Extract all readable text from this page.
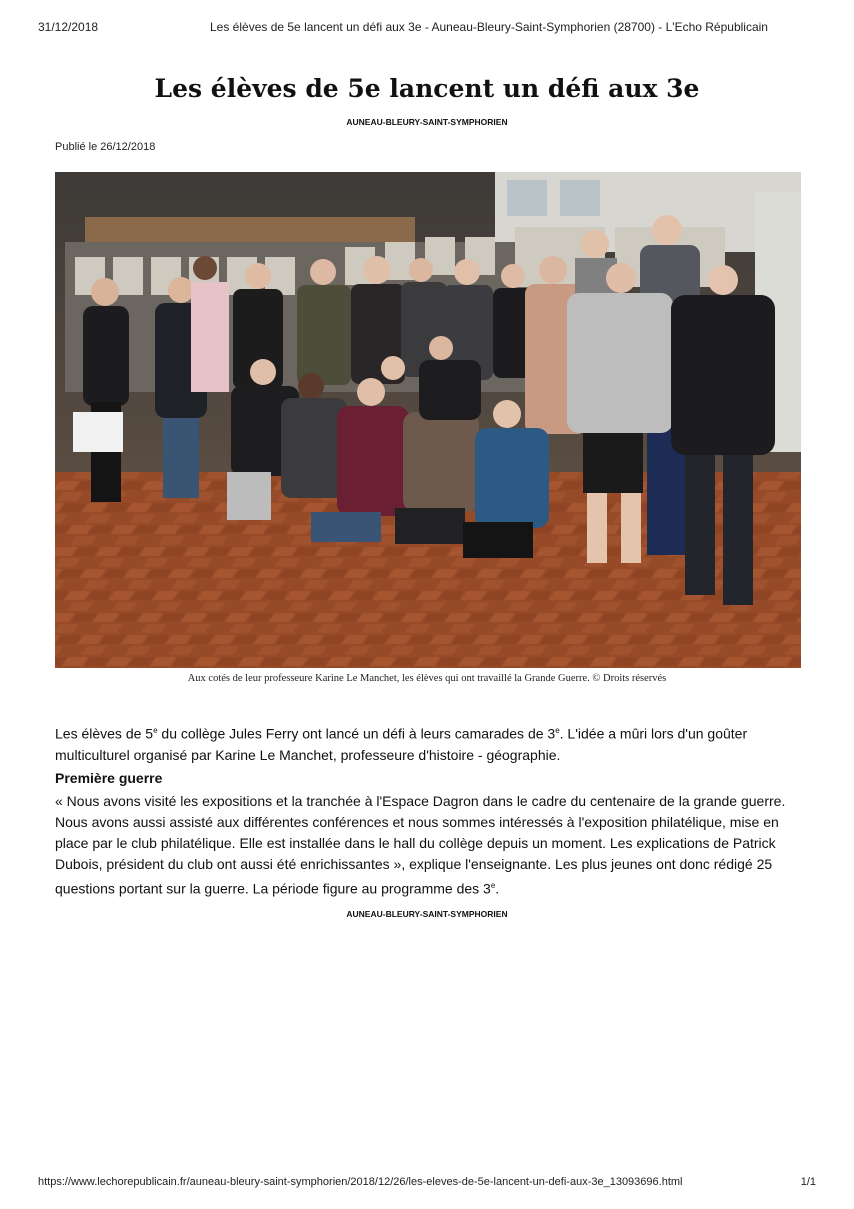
31/12/2018	Les élèves de 5e lancent un défi aux 3e - Auneau-Bleury-Saint-Symphorien (28700) - L'Echo Républicain
Les élèves de 5e lancent un défi aux 3e
AUNEAU-BLEURY-SAINT-SYMPHORIEN
Publié le 26/12/2018
Aux cotés de leur professeure Karine Le Manchet, les élèves qui ont travaillé la Grande Guerre. © Droits réservés

Les élèves de 5e du collège Jules Ferry ont lancé un défi à leurs camarades de 3e. L'idée a mûri lors d'un goûter multiculturel organisé par Karine Le Manchet, professeure d'histoire - géographie.

Première guerre

« Nous avons visité les expositions et la tranchée à l'Espace Dagron dans le cadre du centenaire de la grande guerre. Nous avons aussi assisté aux différentes conférences et nous sommes intéressés à l'exposition philatélique, mise en place par le club philatélique. Elle est installée dans le hall du collège depuis un moment. Les explications de Patrick Dubois, président du club ont aussi été enrichissantes », explique l'enseignante. Les plus jeunes ont donc rédigé 25 questions portant sur la guerre. La période figure au programme des 3e.

AUNEAU-BLEURY-SAINT-SYMPHORIEN
https://www.lechorepublicain.fr/auneau-bleury-saint-symphorien/2018/12/26/les-eleves-de-5e-lancent-un-defi-aux-3e_13093696.html	1/1
